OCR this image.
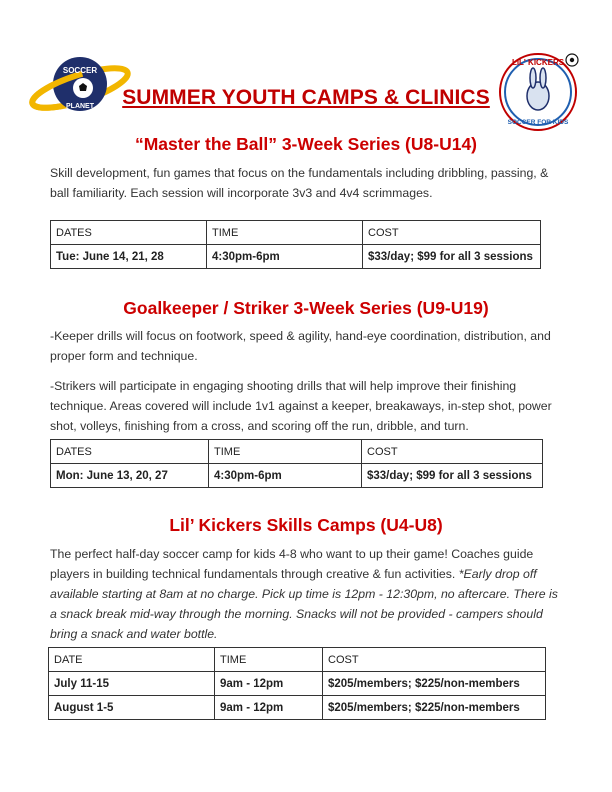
SOCCER
PLANET
LIL' KICKERS
SOCCER FOR KIDS
SUMMER YOUTH CAMPS & CLINICS
“Master the Ball” 3-Week Series (U8-U14)
Skill development, fun games that focus on the fundamentals including dribbling, passing, & ball familiarity. Each session will incorporate 3v3 and 4v4 scrimmages.
DATES	TIME	COST
Tue: June 14, 21, 28	4:30pm-6pm	$33/day; $99 for all 3 sessions
Goalkeeper / Striker 3-Week Series (U9-U19)
-Keeper drills will focus on footwork, speed & agility, hand-eye coordination, distribution, and proper form and technique.
-Strikers will participate in engaging shooting drills that will help improve their finishing technique. Areas covered will include 1v1 against a keeper, breakaways, in-step shot, power shot, volleys, finishing from a cross, and scoring off the run, dribble, and turn.
DATES	TIME	COST
Mon: June 13, 20, 27	4:30pm-6pm	$33/day; $99 for all 3 sessions
Lil’ Kickers Skills Camps (U4-U8)
The perfect half-day soccer camp for kids 4-8 who want to up their game! Coaches guide players in building technical fundamentals through creative & fun activities. *Early drop off available starting at 8am at no charge. Pick up time is 12pm - 12:30pm, no aftercare. There is a snack break mid-way through the morning. Snacks will not be provided - campers should bring a snack and water bottle.
DATE	TIME	COST
July 11-15	9am - 12pm	$205/members; $225/non-members
August 1-5	9am - 12pm	$205/members; $225/non-members
